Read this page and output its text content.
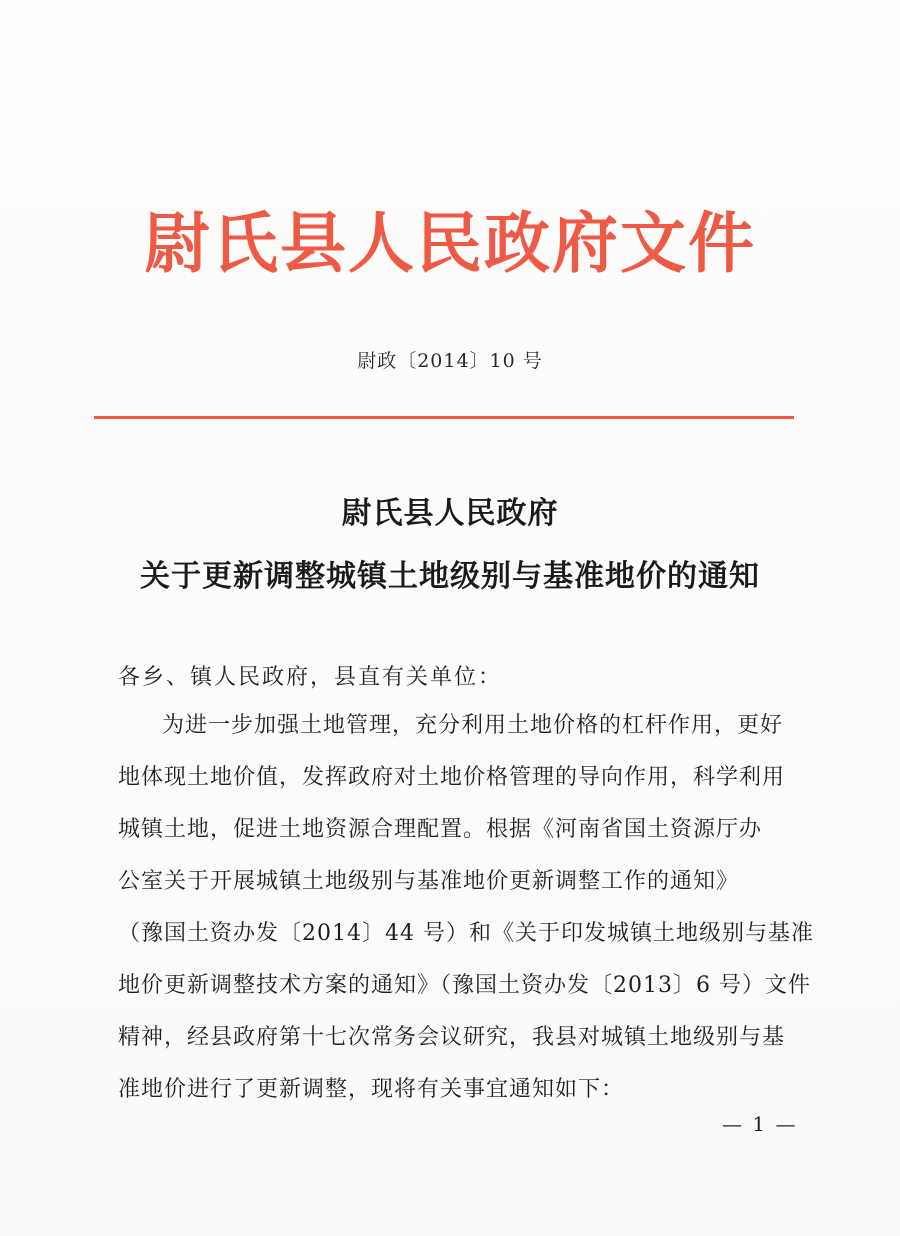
尉氏县人民政府文件
尉政〔2014〕10 号
尉氏县人民政府
关于更新调整城镇土地级别与基准地价的通知
各乡、镇人民政府，县直有关单位：
为进一步加强土地管理，充分利用土地价格的杠杆作用，更好
地体现土地价值，发挥政府对土地价格管理的导向作用，科学利用
城镇土地，促进土地资源合理配置。根据《河南省国土资源厅办
公室关于开展城镇土地级别与基准地价更新调整工作的通知》
（豫国土资办发〔2014〕44 号）和《关于印发城镇土地级别与基准
地价更新调整技术方案的通知》（豫国土资办发〔2013〕6 号）文件
精神，经县政府第十七次常务会议研究，我县对城镇土地级别与基
准地价进行了更新调整，现将有关事宜通知如下：
— 1 —
